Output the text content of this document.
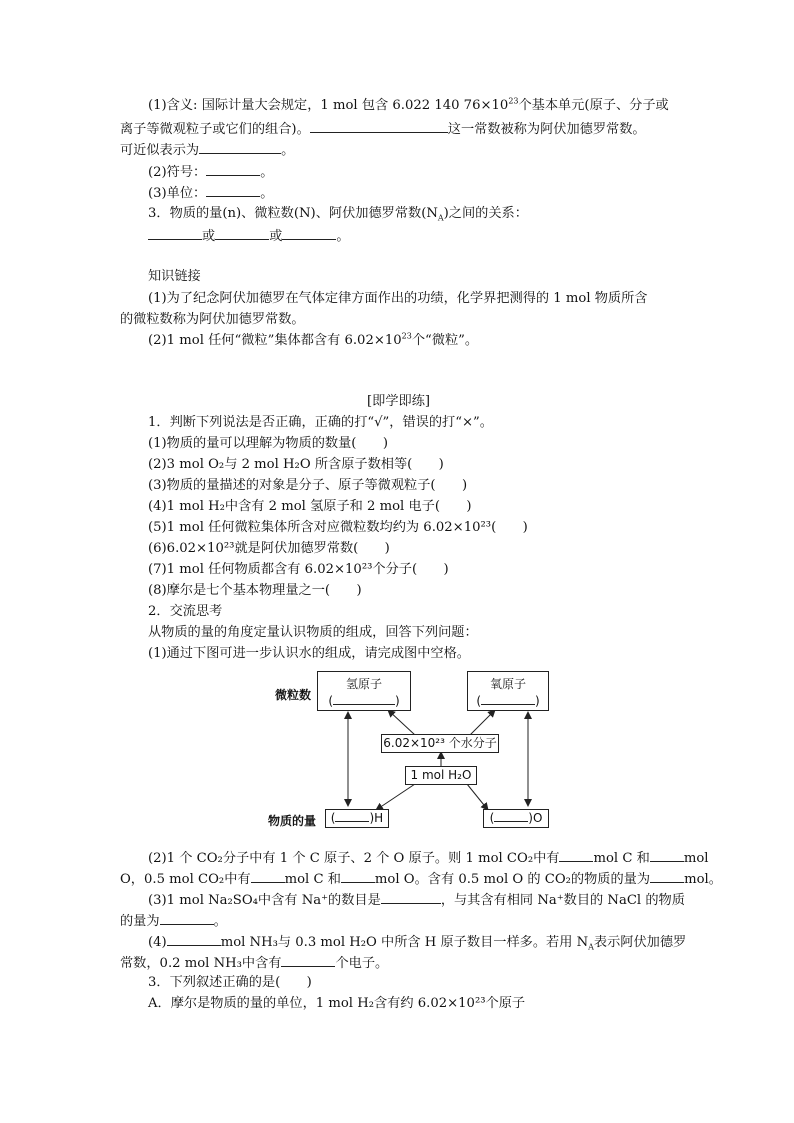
(1)含义: 国际计量大会规定，1 mol 包含 6.022 140 $76\times 10^{23}$个基本单元(原子、分子或
离子等微观粒子或它们的组合)。	这一常数被称为阿伏加德罗常数。
可近似表示为	。
(2)符号：	。
(3)单位：	。
3．物质的量(n)、微粒数(N)、阿伏加德罗常数$(N_A)$之间的关系：
或	或	。
知识链接
(1)为了纪念阿伏加德罗在气体定律方面作出的功绩，化学界把测得的 1 mol 物质所含
的微粒数称为阿伏加德罗常数。
(2)1 mol 任何“微粒”集体都含有 $6.02\times 10^{23}$个“微粒”。
[即学即练]
1．判断下列说法是否正确，正确的打“√”，错误的打“×”。
(1)物质的量可以理解为物质的数量(　　)
(2)3 mol O₂与 2 mol H₂O 所含原子数相等(　　)
(3)物质的量描述的对象是分子、原子等微观粒子(　　)
(4)1 mol H₂中含有 2 mol 氢原子和 2 mol 电子(　　)
(5)1 mol 任何微粒集体所含对应微粒数均约为 6.02×10²³(　　)
(6)6.02×10²³就是阿伏加德罗常数(　　)
(7)1 mol 任何物质都含有 6.02×10²³个分子(　　)
(8)摩尔是七个基本物理量之一(　　)
2．交流思考
从物质的量的角度定量认识物质的组成，回答下列问题：
(1)通过下图可进一步认识水的组成，请完成图中空格。
微粒数
物质的量
氢原子
(	)
氧原子
(	)
6.02×10²³ 个水分子
1 mol H₂O
(	)H	(	)O
(2)1 个 CO₂分子中有 1 个 C 原子、2 个 O 原子。则 1 mol CO₂中有	mol C 和	mol
O，0.5 mol CO₂中有	mol C 和	mol O。含有 0.5 mol O 的 CO₂的物质的量为	mol。
(3)1 mol Na₂SO₄中含有 Na⁺的数目是	，与其含有相同 Na⁺数目的 NaCl 的物质
的量为	。
(4)	mol NH₃与 0.3 mol H₂O 中所含 H 原子数目一样多。若用 $N_A$表示阿伏加德罗
常数，0.2 mol NH₃中含有	个电子。
3．下列叙述正确的是(　　)
A．摩尔是物质的量的单位，1 mol H₂含有约 6.02×10²³个原子
